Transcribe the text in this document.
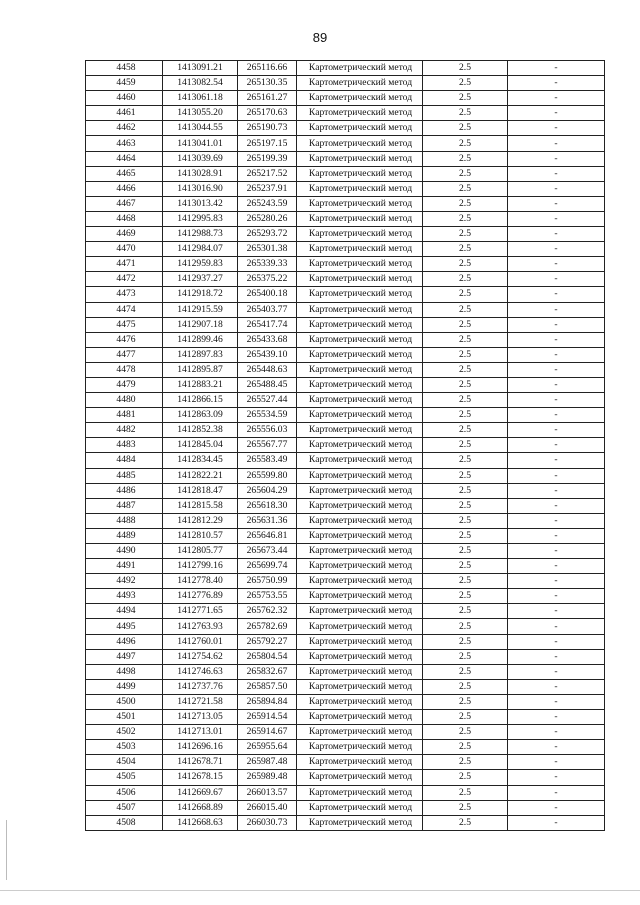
89
4458	1413091.21	265116.66	Картометрический метод	2.5	-
4459	1413082.54	265130.35	Картометрический метод	2.5	-
4460	1413061.18	265161.27	Картометрический метод	2.5	-
4461	1413055.20	265170.63	Картометрический метод	2.5	-
4462	1413044.55	265190.73	Картометрический метод	2.5	-
4463	1413041.01	265197.15	Картометрический метод	2.5	-
4464	1413039.69	265199.39	Картометрический метод	2.5	-
4465	1413028.91	265217.52	Картометрический метод	2.5	-
4466	1413016.90	265237.91	Картометрический метод	2.5	-
4467	1413013.42	265243.59	Картометрический метод	2.5	-
4468	1412995.83	265280.26	Картометрический метод	2.5	-
4469	1412988.73	265293.72	Картометрический метод	2.5	-
4470	1412984.07	265301.38	Картометрический метод	2.5	-
4471	1412959.83	265339.33	Картометрический метод	2.5	-
4472	1412937.27	265375.22	Картометрический метод	2.5	-
4473	1412918.72	265400.18	Картометрический метод	2.5	-
4474	1412915.59	265403.77	Картометрический метод	2.5	-
4475	1412907.18	265417.74	Картометрический метод	2.5	-
4476	1412899.46	265433.68	Картометрический метод	2.5	-
4477	1412897.83	265439.10	Картометрический метод	2.5	-
4478	1412895.87	265448.63	Картометрический метод	2.5	-
4479	1412883.21	265488.45	Картометрический метод	2.5	-
4480	1412866.15	265527.44	Картометрический метод	2.5	-
4481	1412863.09	265534.59	Картометрический метод	2.5	-
4482	1412852.38	265556.03	Картометрический метод	2.5	-
4483	1412845.04	265567.77	Картометрический метод	2.5	-
4484	1412834.45	265583.49	Картометрический метод	2.5	-
4485	1412822.21	265599.80	Картометрический метод	2.5	-
4486	1412818.47	265604.29	Картометрический метод	2.5	-
4487	1412815.58	265618.30	Картометрический метод	2.5	-
4488	1412812.29	265631.36	Картометрический метод	2.5	-
4489	1412810.57	265646.81	Картометрический метод	2.5	-
4490	1412805.77	265673.44	Картометрический метод	2.5	-
4491	1412799.16	265699.74	Картометрический метод	2.5	-
4492	1412778.40	265750.99	Картометрический метод	2.5	-
4493	1412776.89	265753.55	Картометрический метод	2.5	-
4494	1412771.65	265762.32	Картометрический метод	2.5	-
4495	1412763.93	265782.69	Картометрический метод	2.5	-
4496	1412760.01	265792.27	Картометрический метод	2.5	-
4497	1412754.62	265804.54	Картометрический метод	2.5	-
4498	1412746.63	265832.67	Картометрический метод	2.5	-
4499	1412737.76	265857.50	Картометрический метод	2.5	-
4500	1412721.58	265894.84	Картометрический метод	2.5	-
4501	1412713.05	265914.54	Картометрический метод	2.5	-
4502	1412713.01	265914.67	Картометрический метод	2.5	-
4503	1412696.16	265955.64	Картометрический метод	2.5	-
4504	1412678.71	265987.48	Картометрический метод	2.5	-
4505	1412678.15	265989.48	Картометрический метод	2.5	-
4506	1412669.67	266013.57	Картометрический метод	2.5	-
4507	1412668.89	266015.40	Картометрический метод	2.5	-
4508	1412668.63	266030.73	Картометрический метод	2.5	-
